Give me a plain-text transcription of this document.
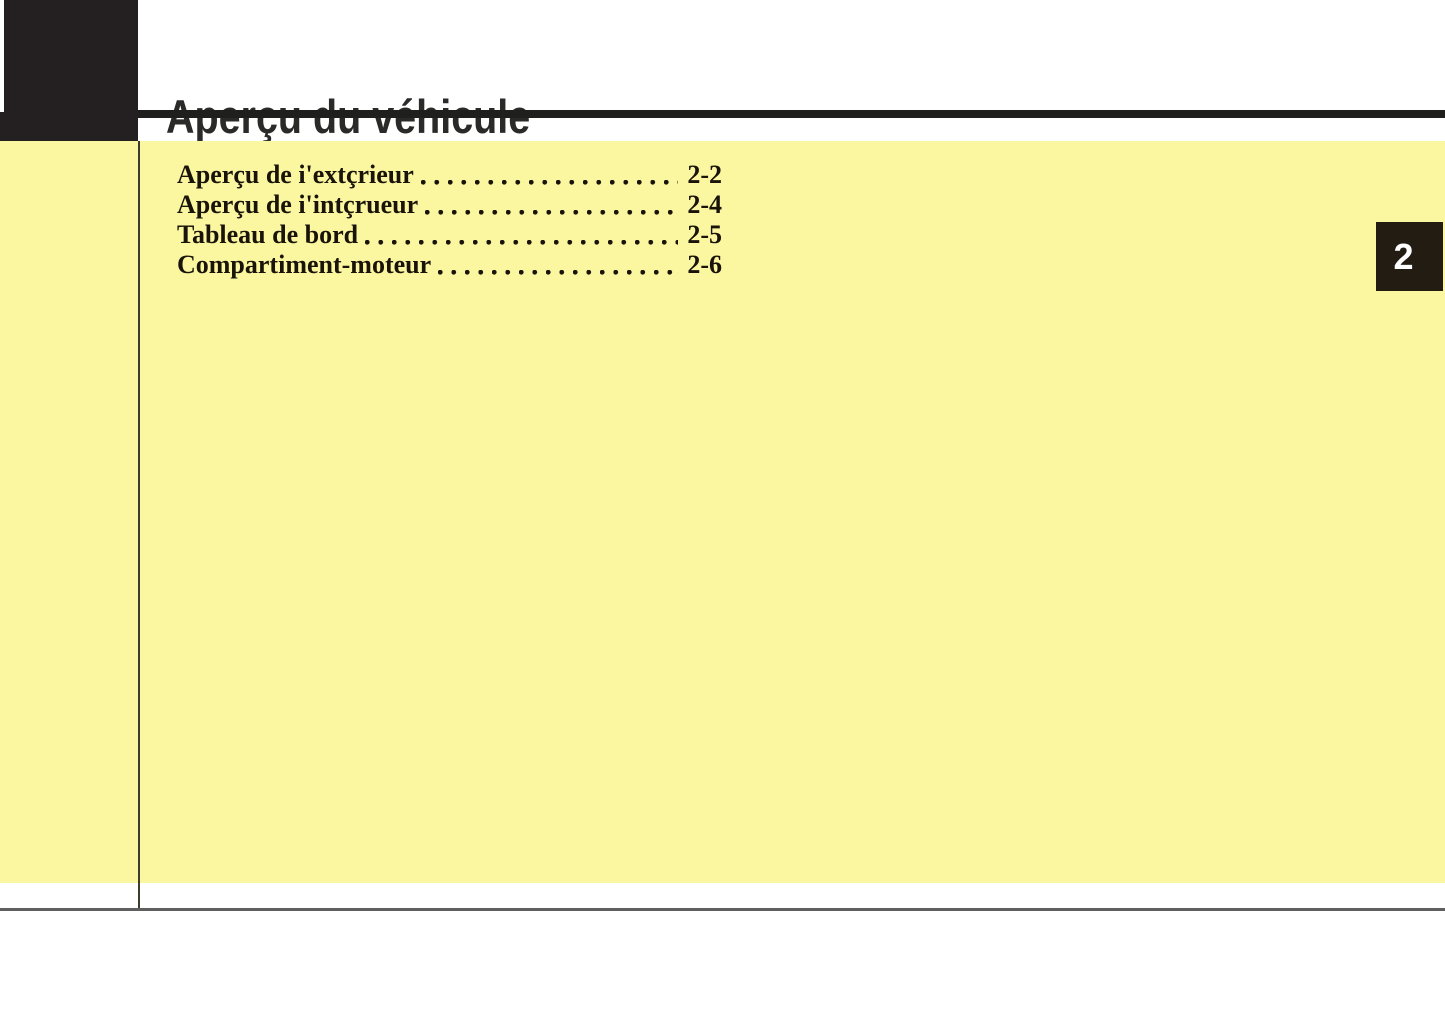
2
Aperçu de i'extçrieur	2-2
Aperçu de i'intçrueur	2-4
Tableau de bord	2-5
Compartiment-moteur	2-6
